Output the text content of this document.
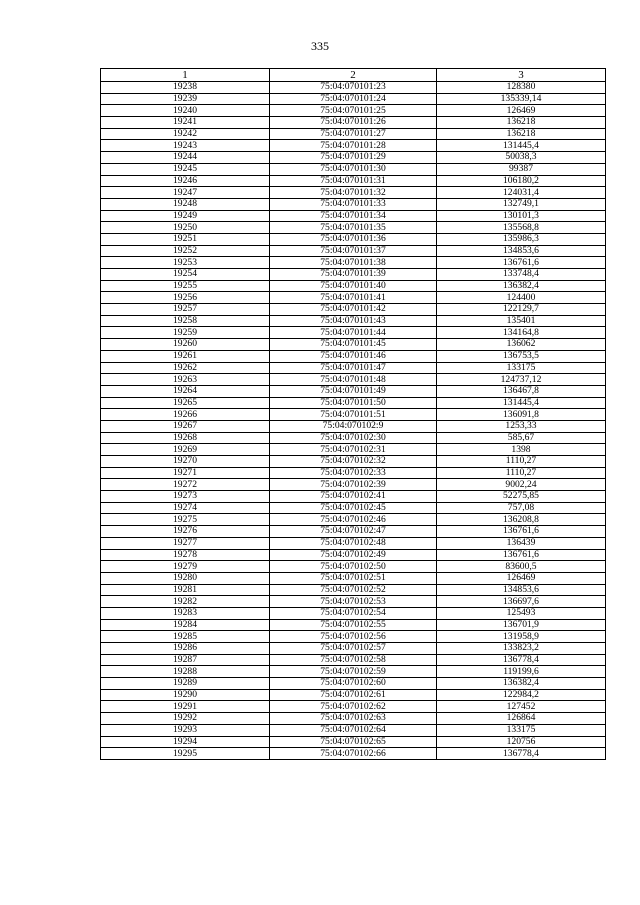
335
1	2	3
19238	75:04:070101:23	128380
19239	75:04:070101:24	135339,14
19240	75:04:070101:25	126469
19241	75:04:070101:26	136218
19242	75:04:070101:27	136218
19243	75:04:070101:28	131445,4
19244	75:04:070101:29	50038,3
19245	75:04:070101:30	99387
19246	75:04:070101:31	106180,2
19247	75:04:070101:32	124031,4
19248	75:04:070101:33	132749,1
19249	75:04:070101:34	130101,3
19250	75:04:070101:35	135568,8
19251	75:04:070101:36	135986,3
19252	75:04:070101:37	134853,6
19253	75:04:070101:38	136761,6
19254	75:04:070101:39	133748,4
19255	75:04:070101:40	136382,4
19256	75:04:070101:41	124400
19257	75:04:070101:42	122129,7
19258	75:04:070101:43	135401
19259	75:04:070101:44	134164,8
19260	75:04:070101:45	136062
19261	75:04:070101:46	136753,5
19262	75:04:070101:47	133175
19263	75:04:070101:48	124737,12
19264	75:04:070101:49	136467,8
19265	75:04:070101:50	131445,4
19266	75:04:070101:51	136091,8
19267	75:04:070102:9	1253,33
19268	75:04:070102:30	585,67
19269	75:04:070102:31	1398
19270	75:04:070102:32	1110,27
19271	75:04:070102:33	1110,27
19272	75:04:070102:39	9002,24
19273	75:04:070102:41	52275,85
19274	75:04:070102:45	757,08
19275	75:04:070102:46	136208,8
19276	75:04:070102:47	136761,6
19277	75:04:070102:48	136439
19278	75:04:070102:49	136761,6
19279	75:04:070102:50	83600,5
19280	75:04:070102:51	126469
19281	75:04:070102:52	134853,6
19282	75:04:070102:53	136697,6
19283	75:04:070102:54	125493
19284	75:04:070102:55	136701,9
19285	75:04:070102:56	131958,9
19286	75:04:070102:57	133823,2
19287	75:04:070102:58	136778,4
19288	75:04:070102:59	119199,6
19289	75:04:070102:60	136382,4
19290	75:04:070102:61	122984,2
19291	75:04:070102:62	127452
19292	75:04:070102:63	126864
19293	75:04:070102:64	133175
19294	75:04:070102:65	120756
19295	75:04:070102:66	136778,4
